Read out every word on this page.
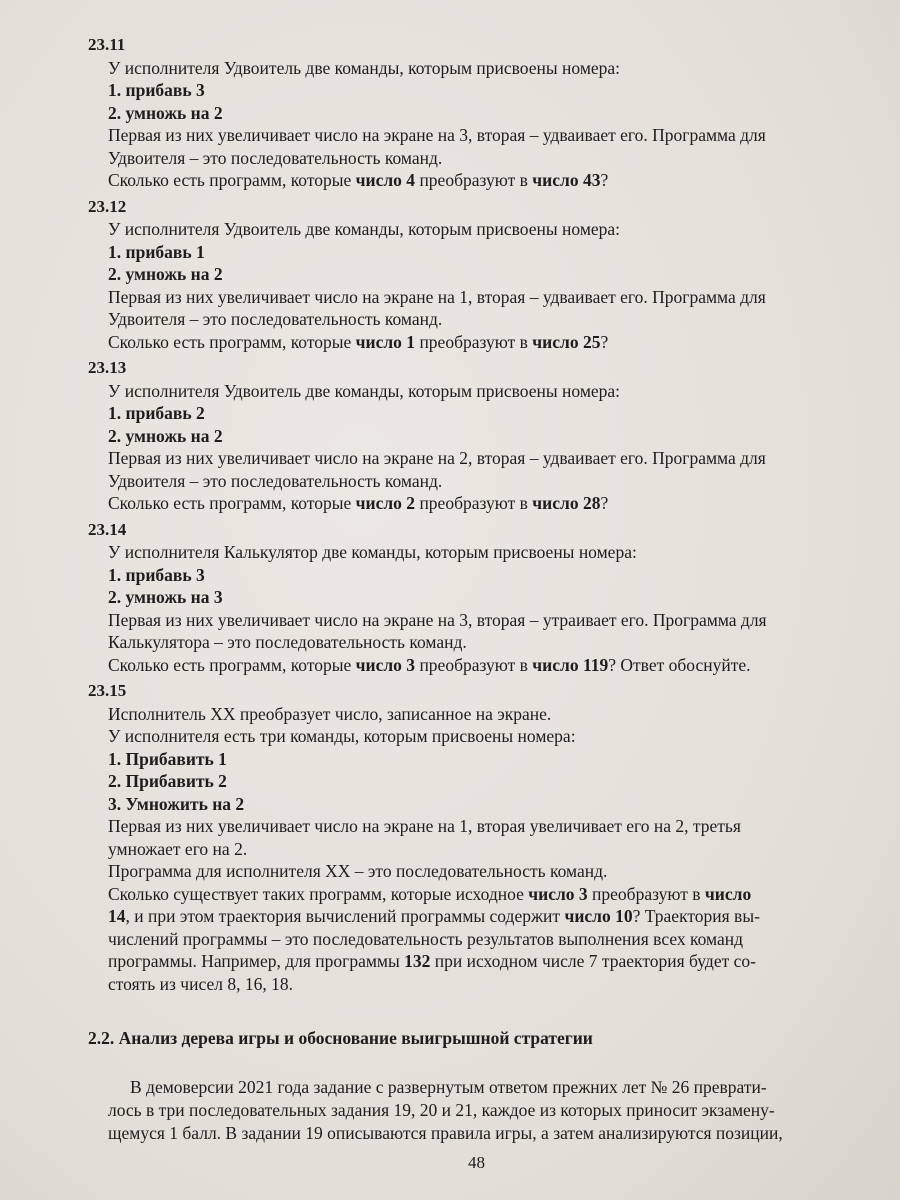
23.11
У исполнителя Удвоитель две команды, которым присвоены номера:
1. прибавь 3
2. умножь на 2
Первая из них увеличивает число на экране на 3, вторая – удваивает его. Программа для
Удвоителя – это последовательность команд.
Сколько есть программ, которые число 4 преобразуют в число 43?
23.12
У исполнителя Удвоитель две команды, которым присвоены номера:
1. прибавь 1
2. умножь на 2
Первая из них увеличивает число на экране на 1, вторая – удваивает его. Программа для
Удвоителя – это последовательность команд.
Сколько есть программ, которые число 1 преобразуют в число 25?
23.13
У исполнителя Удвоитель две команды, которым присвоены номера:
1. прибавь 2
2. умножь на 2
Первая из них увеличивает число на экране на 2, вторая – удваивает его. Программа для
Удвоителя – это последовательность команд.
Сколько есть программ, которые число 2 преобразуют в число 28?
23.14
У исполнителя Калькулятор две команды, которым присвоены номера:
1. прибавь 3
2. умножь на 3
Первая из них увеличивает число на экране на 3, вторая – утраивает его. Программа для
Калькулятора – это последовательность команд.
Сколько есть программ, которые число 3 преобразуют в число 119? Ответ обоснуйте.
23.15
Исполнитель XX преобразует число, записанное на экране.
У исполнителя есть три команды, которым присвоены номера:
1. Прибавить 1
2. Прибавить 2
3. Умножить на 2
Первая из них увеличивает число на экране на 1, вторая увеличивает его на 2, третья
умножает его на 2.
Программа для исполнителя XX – это последовательность команд.
Сколько существует таких программ, которые исходное число 3 преобразуют в число
14, и при этом траектория вычислений программы содержит число 10? Траектория вы-
числений программы – это последовательность результатов выполнения всех команд
программы. Например, для программы 132 при исходном числе 7 траектория будет со-
стоять из чисел 8, 16, 18.
2.2. Анализ дерева игры и обоснование выигрышной стратегии
В демоверсии 2021 года задание с развернутым ответом прежних лет № 26 преврати-
лось в три последовательных задания 19, 20 и 21, каждое из которых приносит экзамену-
щемуся 1 балл. В задании 19 описываются правила игры, а затем анализируются позиции,
48
